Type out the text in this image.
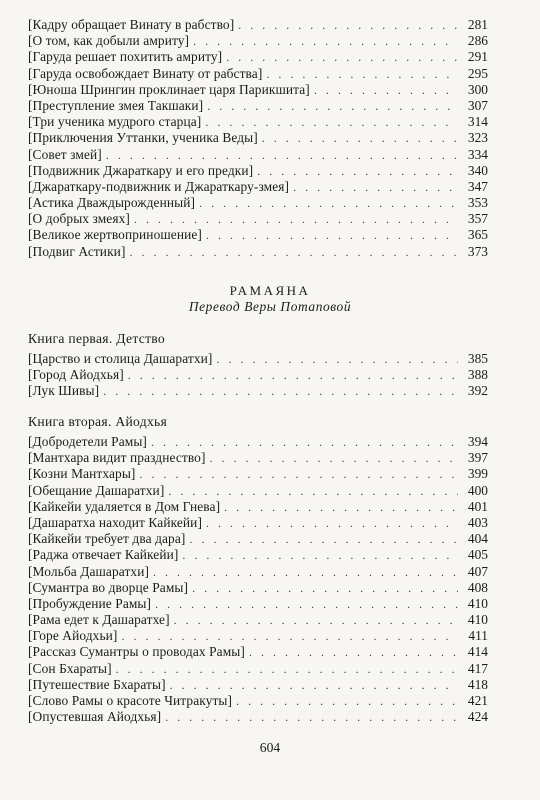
[Кадру обращает Винату в рабство] . . .	281
[О том, как добыли амриту] . . .	286
[Гаруда решает похитить амриту] . . .	291
[Гаруда освобождает Винату от рабства] . . .	295
[Юноша Шрингин проклинает царя Парикшита] . . .	300
[Преступление змея Такшаки] . . .	307
[Три ученика мудрого старца] . . .	314
[Приключения Уттанки, ученика Веды] . . .	323
[Совет змей] . . .	334
[Подвижник Джараткару и его предки] . . .	340
[Джараткару-подвижник и Джараткару-змея] . . .	347
[Астика Дваждырожденный] . . .	353
[О добрых змеях] . . .	357
[Великое жертвоприношение] . . .	365
[Подвиг Астики] . . .	373
РАМАЯНА
Перевод Веры Потаповой
Книга первая. Детство
[Царство и столица Дашаратхи] . . .	385
[Город Айодхья] . . .	388
[Лук Шивы] . . .	392
Книга вторая. Айодхья
[Добродетели Рамы] . . .	394
[Мантхара видит празднество] . . .	397
[Козни Мантхары] . . .	399
[Обещание Дашаратхи] . . .	400
[Кайкейи удаляется в Дом Гнева] . . .	401
[Дашаратха находит Кайкейи] . . .	403
[Кайкейи требует два дара] . . .	404
[Раджа отвечает Кайкейи] . . .	405
[Мольба Дашаратхи] . . .	407
[Сумантра во дворце Рамы] . . .	408
[Пробуждение Рамы] . . .	410
[Рама едет к Дашаратхе] . . .	410
[Горе Айодхьи] . . .	411
[Рассказ Сумантры о проводах Рамы] . . .	414
[Сон Бхараты] . . .	417
[Путешествие Бхараты] . . .	418
[Слово Рамы о красоте Читракуты] . . .	421
[Опустевшая Айодхья] . . .	424
604
